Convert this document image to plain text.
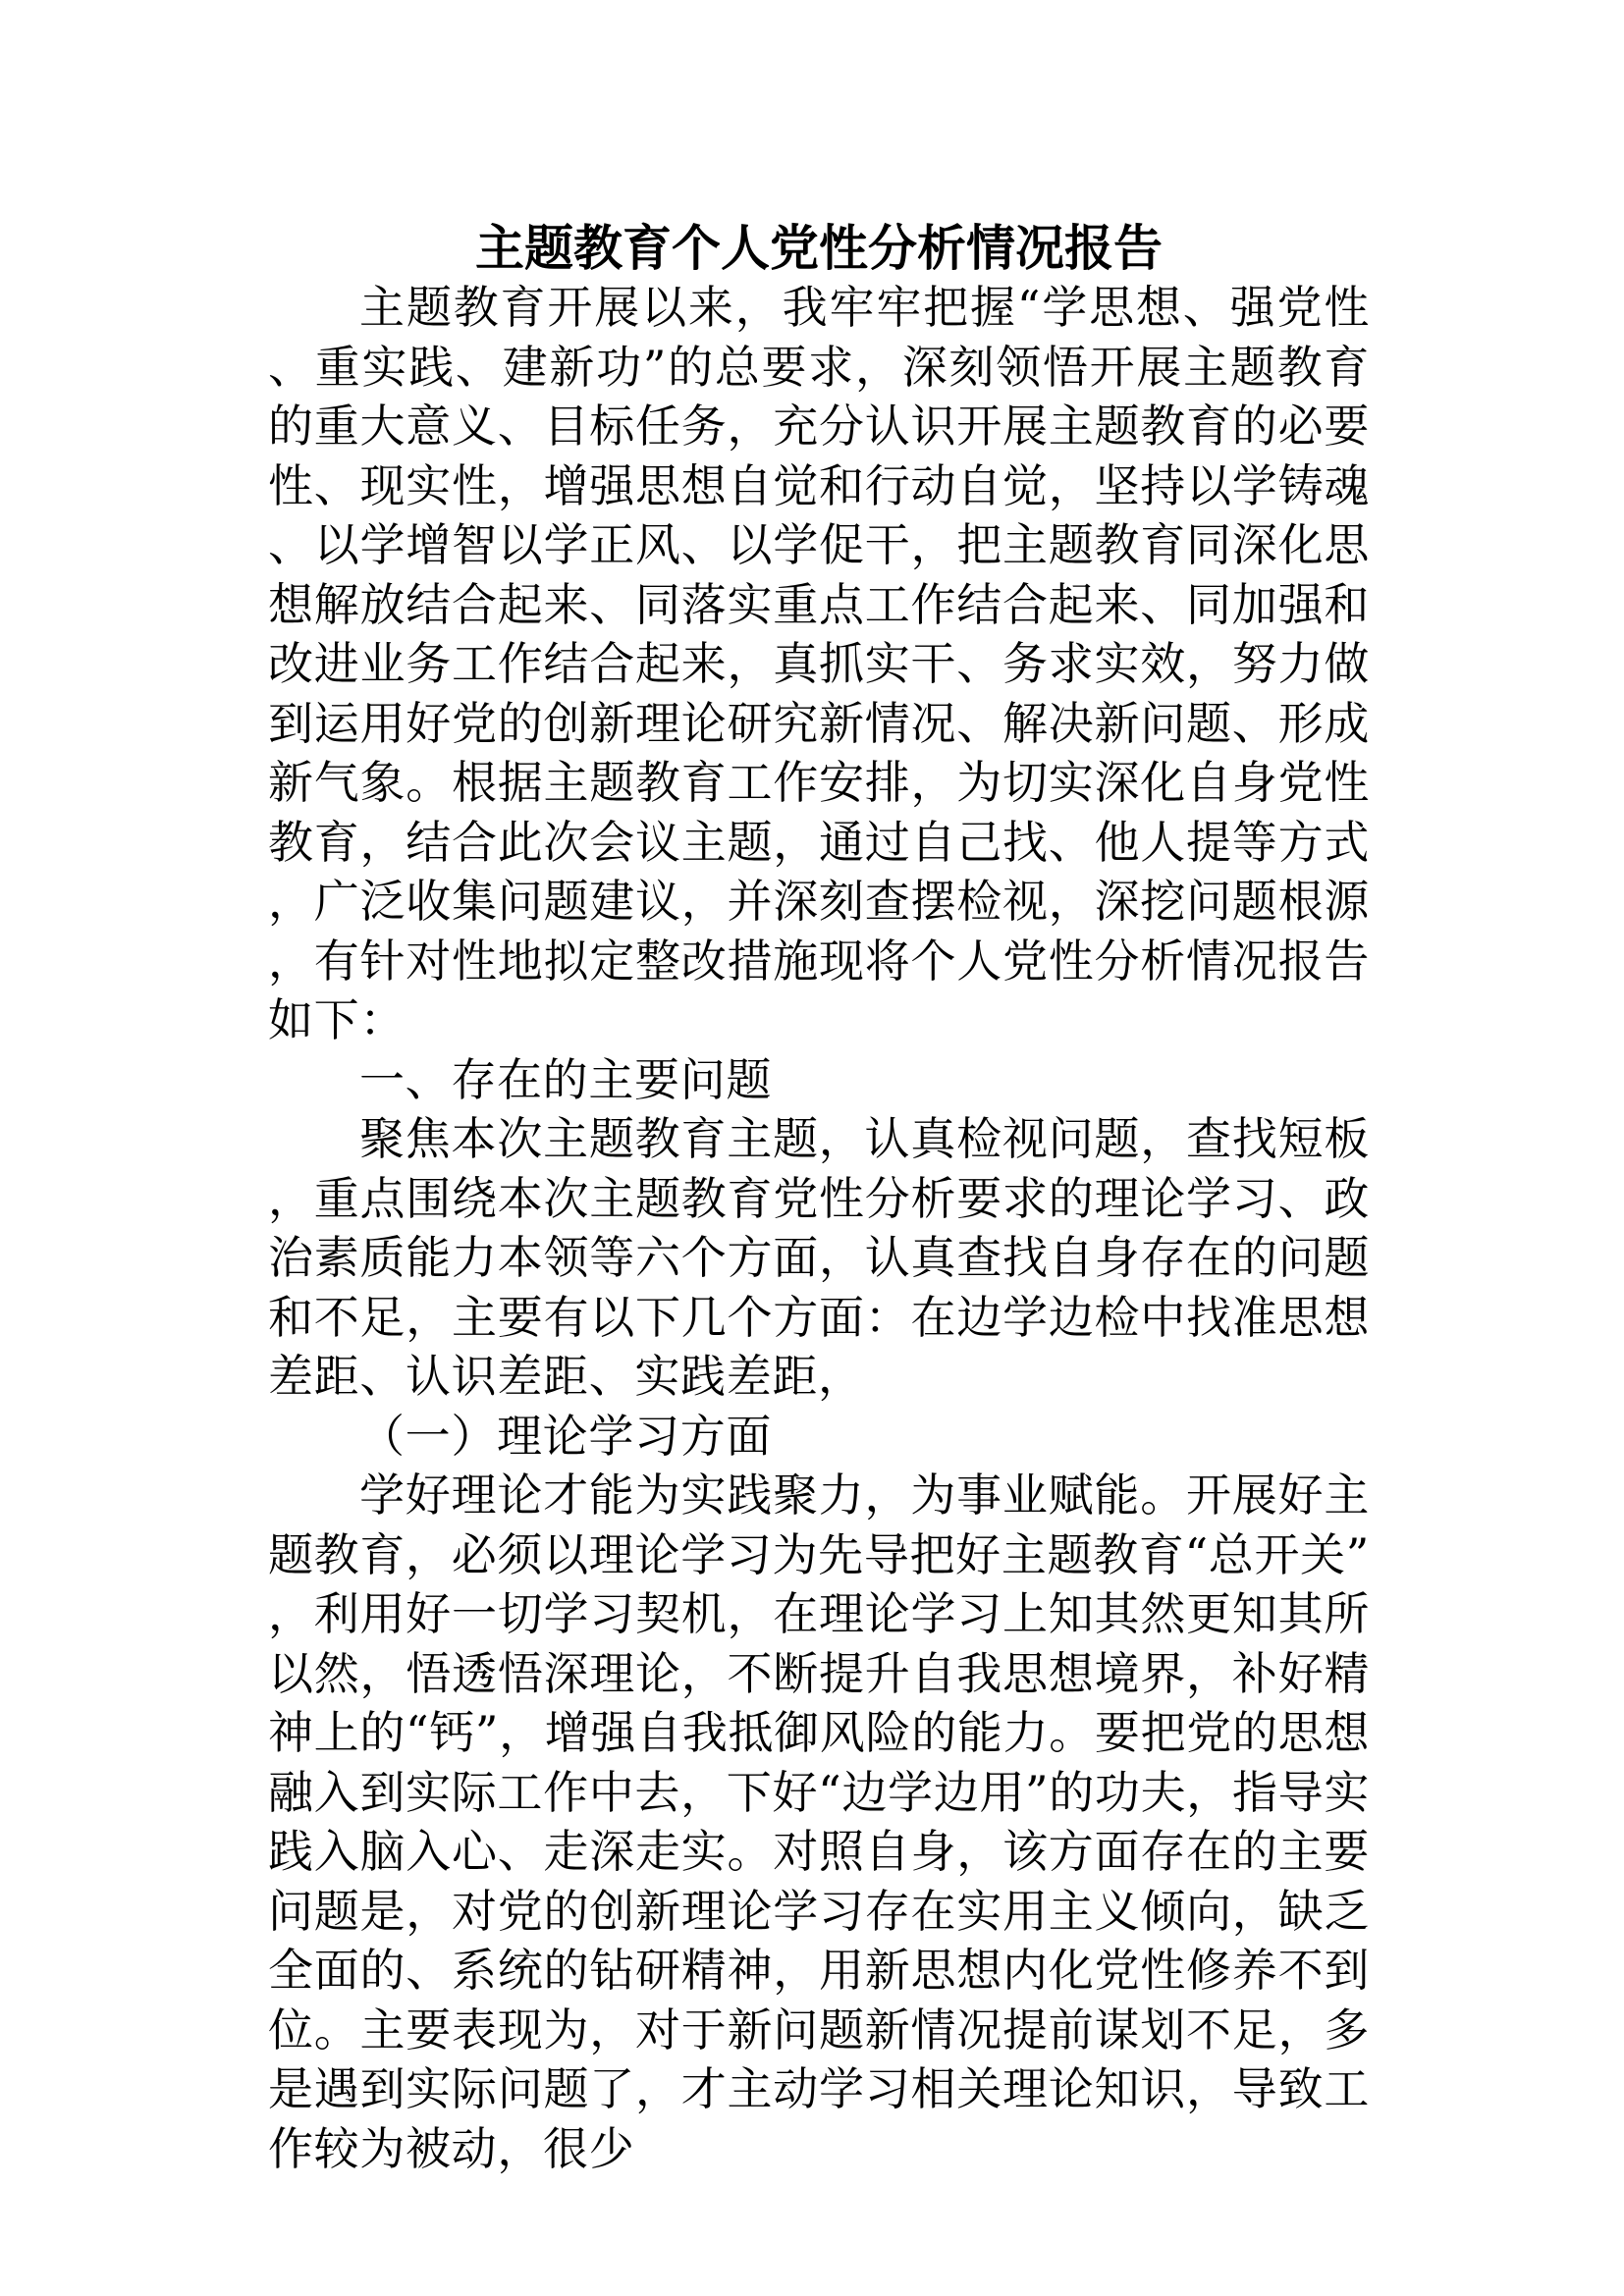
主题教育个人党性分析情况报告

主题教育开展以来，我牢牢把握“学思想、强党性、重实践、建新功”的总要求，深刻领悟开展主题教育的重大意义、目标任务，充分认识开展主题教育的必要性、现实性，增强思想自觉和行动自觉，坚持以学铸魂、以学增智以学正风、以学促干，把主题教育同深化思想解放结合起来、同落实重点工作结合起来、同加强和改进业务工作结合起来，真抓实干、务求实效，努力做到运用好党的创新理论研究新情况、解决新问题、形成新气象。根据主题教育工作安排，为切实深化自身党性教育，结合此次会议主题，通过自己找、他人提等方式，广泛收集问题建议，并深刻查摆检视，深挖问题根源，有针对性地拟定整改措施现将个人党性分析情况报告如下：

一、存在的主要问题

聚焦本次主题教育主题，认真检视问题，查找短板，重点围绕本次主题教育党性分析要求的理论学习、政治素质能力本领等六个方面，认真查找自身存在的问题和不足，主要有以下几个方面：在边学边检中找准思想差距、认识差距、实践差距，

（一）理论学习方面

学好理论才能为实践聚力，为事业赋能。开展好主题教育，必须以理论学习为先导把好主题教育“总开关”，利用好一切学习契机，在理论学习上知其然更知其所以然，悟透悟深理论，不断提升自我思想境界，补好精神上的“钙”，增强自我抵御风险的能力。要把党的思想融入到实际工作中去，下好“边学边用”的功夫，指导实践入脑入心、走深走实。对照自身，该方面存在的主要问题是，对党的创新理论学习存在实用主义倾向，缺乏全面的、系统的钻研精神，用新思想内化党性修养不到位。主要表现为，对于新问题新情况提前谋划不足，多是遇到实际问题了，才主动学习相关理论知识，导致工作较为被动，很少
